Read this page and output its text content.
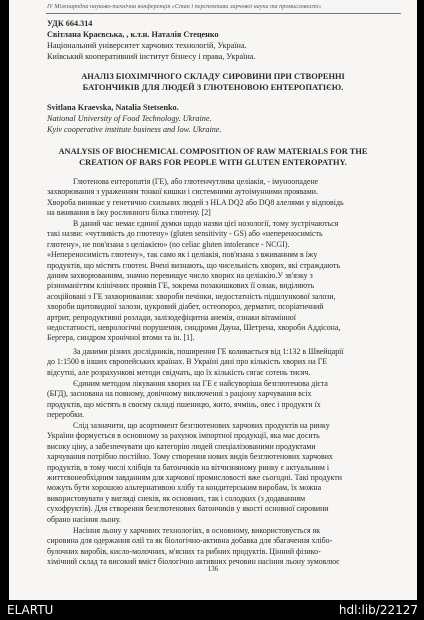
IV Міжнародна науково-технічна конференція «Стан і перспективи харчової науки та промисловості»
УДК 664.314
Світлана Краєвська, , к.т.н. Наталія Стеценко
Національний університет харчових технологій, Україна.
Київський кооперативний інститут бізнесу і права, Україна.
АНАЛІЗ БІОХІМІЧНОГО СКЛАДУ СИРОВИНИ ПРИ СТВОРЕННІ
БАТОНЧИКІВ ДЛЯ ЛЮДЕЙ З ГЛЮТЕНОВОЮ ЕНТЕРОПАТІЄЮ.
Svitlana Kraevska, Natalia Stetsenko.
National University of Food Technology. Ukraine.
Kyiv cooperative institute business and low. Ukraine.
ANALYSIS OF BIOCHEMICAL COMPOSITION OF RAW MATERIALS FOR THE
CREATION OF BARS FOR PEOPLE WITH GLUTEN ENTEROPATHY.
Глютенова ентеропатія (ГЕ), або глютенчутлива целіакія, - імуноопадене
захворювання з ураженням тонкої кишки і системними аутоімунними проявами.
Хвороба виникає у генетично схильних людей з HLA DQ2 або DQ8 алелями у відповідь
на вживання в їжу рослинного білка глютену. [2]
В даний час немає єдиної думки щодо назви цієї нозології, тому зустрічаються
такі назви: «чутливість до глютену» (gluten sensitivity - GS) або «непереносимість
глютену», не пов'язана з целіакією» (no celiac gluten intolerance - NCGI).
«Непереносимість глютену», так само як і целіакія, пов'язана з вживанням в їжу
продуктів, що містять глютен. Вчені визнають, що чисельність хворих, які страждають
даним захворюванням, значно перевищує число хворих на целіакію.У зв'язку з
різноманіттям клінічних проявів ГЕ, зокрема позакишкових її ознак, виділяють
асоційовані з ГЕ захворювання: хвороби печінки, недостатність підшлункової залози,
хвороби щитовидної залози, цукровий діабет, остеопороз, дерматит, псоріатичний
артрит, репродуктивні розлади, залізодефіцитна анемія, ознаки вітамінної
недостатності, неврологічні порушення, синдроми Дауна, Шетрена, хвороби Аддісона,
Бергера, синдром хронічної втоми та ін. [1].
За даними різних дослідників, поширення ГЕ коливається від 1:132 в Швейцарії
до 1:1500 в інших європейських країнах. В Україні дані про кількість хворих на ГЕ
відсутні, але розрахункові методи свідчать, що їх кількість сягає сотень тисяч.
Єдиним методом лікування хворих на ГЕ є найсуворіша безглютенова дієта
(БГД), заснована на повному, довічному виключенні з раціону харчування всіх
продуктів, що містять в своєму складі пшеницю, жито, ячмінь, овес і продукти їх
переробки.
Слід зазначити, що асортимент безглютенових харчових продуктів на ринку
України формується в основному за рахунок імпортної продукції, яка має досить
високу ціну, а забезпечувати цю категорію людей спеціалізованими продуктами
харчування потрібно постійно. Тому створення нових видів безглютенових харчових
продуктів, в тому числі хлібців та батончиків на вітчизняному ринку є актуальним і
життєвонеобхідним завданням для харчової промисловості вже сьогодні. Такі продукти
можуть бути хорошою альтернативою хлібу та кондитерським виробам, їх можна
використовувати у вигляді снеків, як основних, так і солодких (з додаванням
сухофруктів). Для створення безглютенових батончиків у якості основної сировини
обрано насіння льону.
Насіння льону у харчових технологіях, в основному, використовується як
сировина для одержання олії та як біологічно-активна добавка для збагачення хлібо-
булочних виробів, кисло-молочних, м'ясних та рибних продуктів. Цінний фізико-
хімічний склад та високий вміст біологічно активних речовин насіння льону зумовлює
136
ELARTU	hdl:lib/22127
